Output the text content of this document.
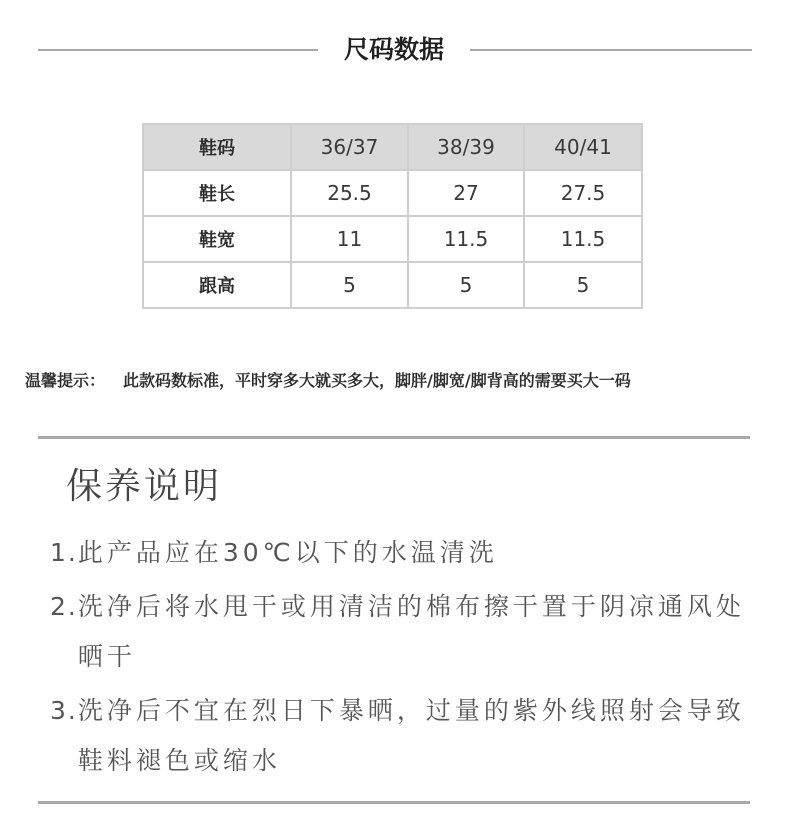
尺码数据
鞋码	36/37	38/39	40/41
鞋长	25.5	27	27.5
鞋宽	11	11.5	11.5
跟高	5	5	5
温馨提示： 此款码数标准，平时穿多大就买多大，脚胖/脚宽/脚背高的需要买大一码
保养说明
1. 此产品应在30℃以下的水温清洗
2. 洗净后将水甩干或用清洁的棉布擦干置于阴凉通风处晒干
3. 洗净后不宜在烈日下暴晒，过量的紫外线照射会导致鞋料褪色或缩水
